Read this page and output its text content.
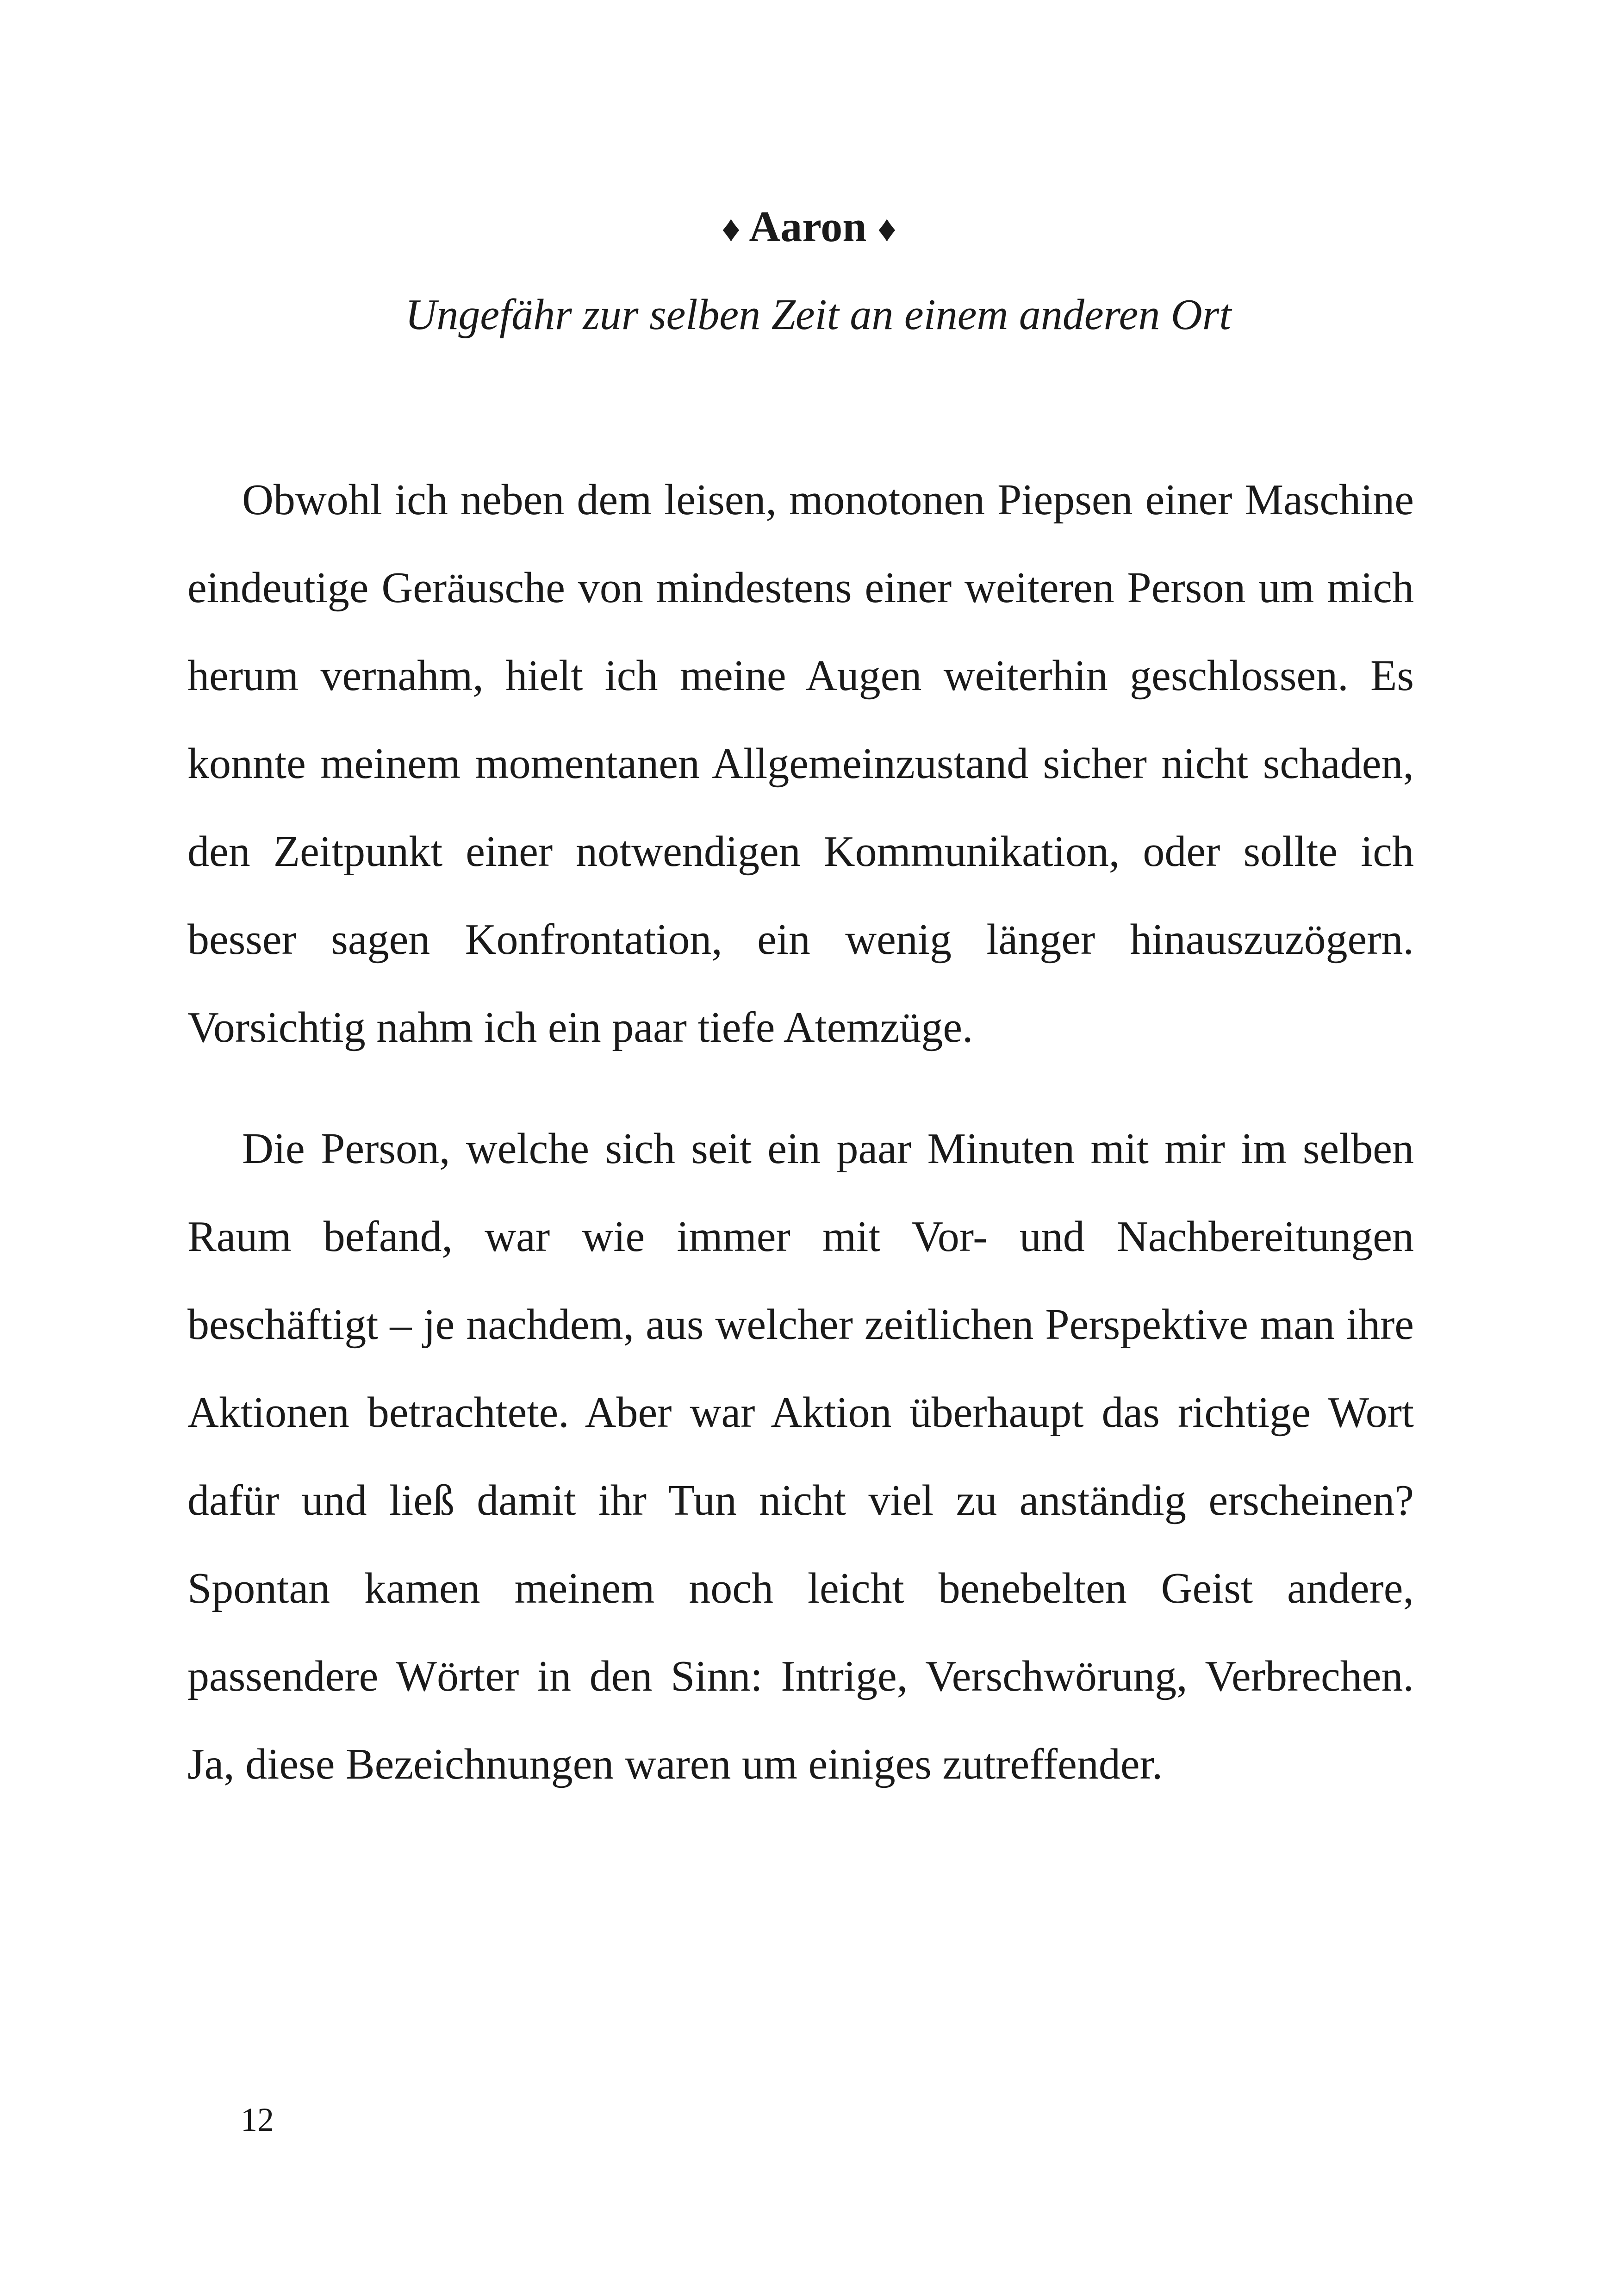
♦ Aaron ♦

Ungefähr zur selben Zeit an einem anderen Ort

Obwohl ich neben dem leisen, monotonen Piepsen einer Maschine eindeutige Geräusche von mindestens einer weiteren Person um mich herum vernahm, hielt ich meine Augen weiterhin geschlossen. Es konnte meinem momentanen Allgemeinzustand sicher nicht schaden, den Zeitpunkt einer notwendigen Kommunikation, oder sollte ich besser sagen Konfrontation, ein wenig länger hinauszuzögern. Vorsichtig nahm ich ein paar tiefe Atemzüge.

Die Person, welche sich seit ein paar Minuten mit mir im selben Raum befand, war wie immer mit Vor- und Nachbereitungen beschäftigt – je nachdem, aus welcher zeitlichen Perspektive man ihre Aktionen betrachtete. Aber war Aktion überhaupt das richtige Wort dafür und ließ damit ihr Tun nicht viel zu anständig erscheinen? Spontan kamen meinem noch leicht benebelten Geist andere, passendere Wörter in den Sinn: Intrige, Verschwörung, Verbrechen. Ja, diese Bezeichnungen waren um einiges zutreffender.

12
